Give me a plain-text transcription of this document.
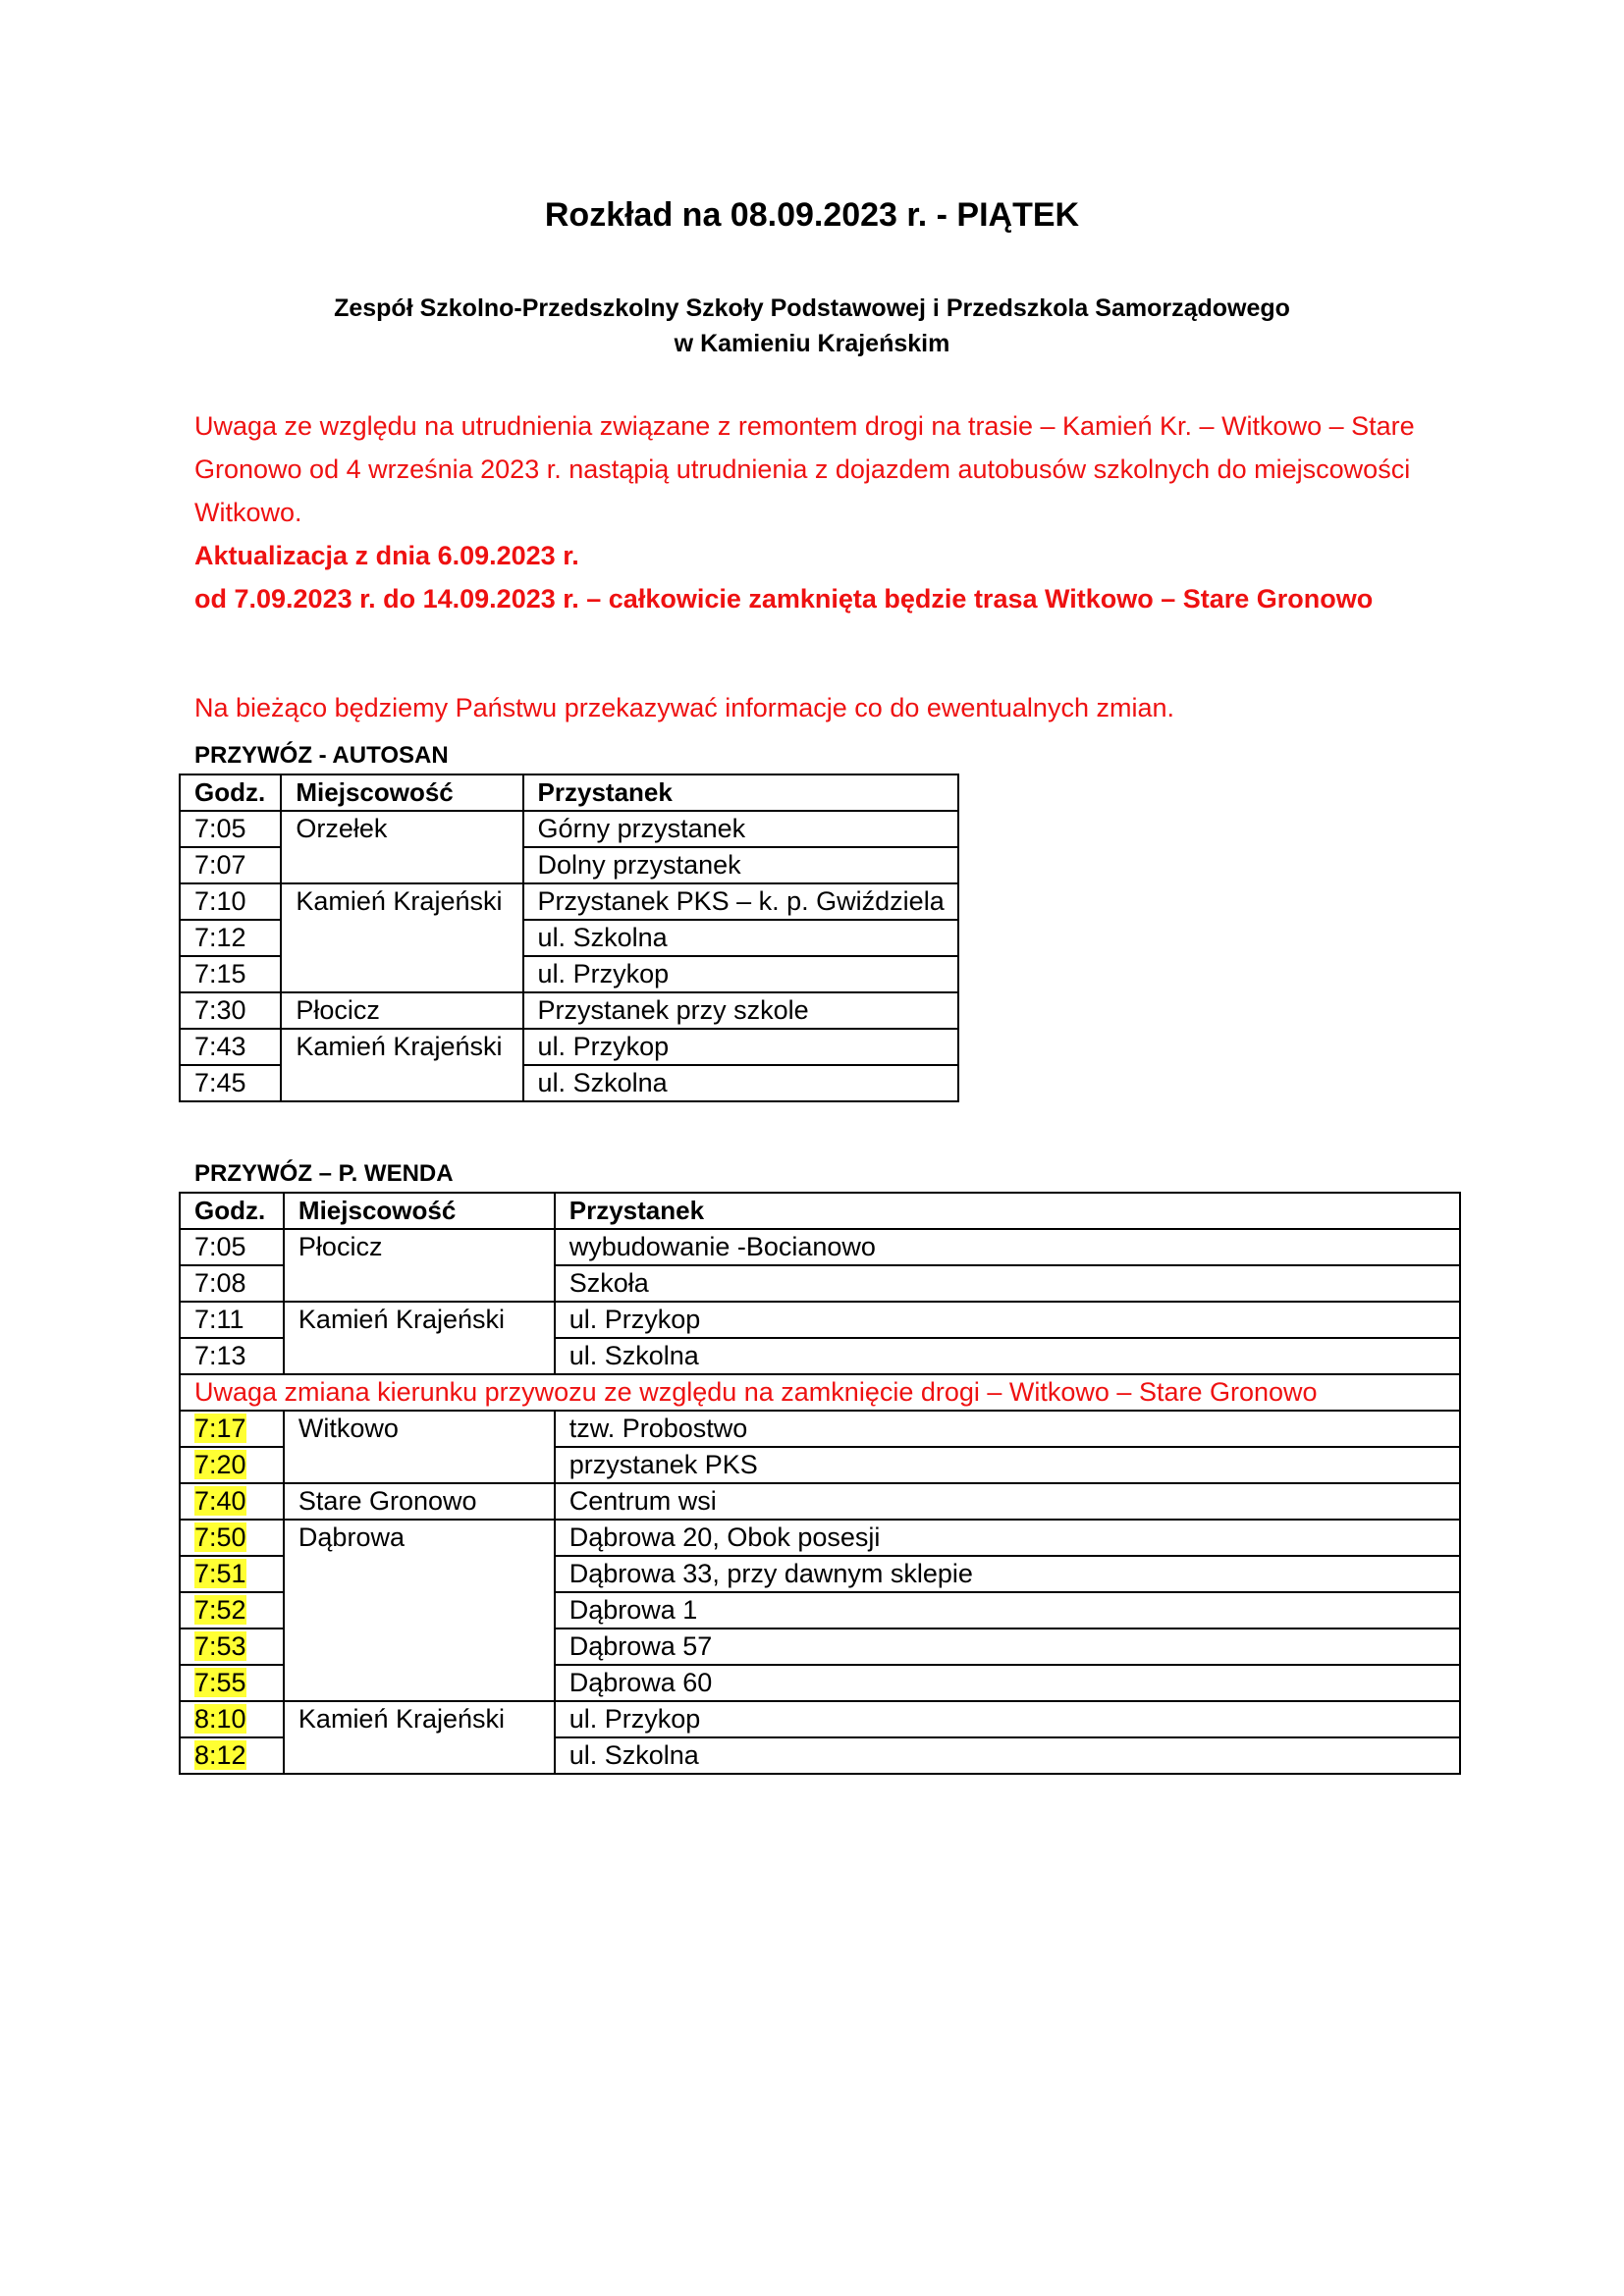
Rozkład na 08.09.2023 r. - PIĄTEK
Zespół Szkolno-Przedszkolny Szkoły Podstawowej i Przedszkola Samorządowego
w Kamieniu Krajeńskim

Uwaga ze względu na utrudnienia związane z remontem drogi na trasie – Kamień Kr. – Witkowo – Stare Gronowo od 4 września 2023 r. nastąpią utrudnienia z dojazdem autobusów szkolnych do miejscowości Witkowo.

Aktualizacja z dnia 6.09.2023 r.

od 7.09.2023 r. do 14.09.2023 r. – całkowicie zamknięta będzie trasa Witkowo – Stare Gronowo

Na bieżąco będziemy Państwu przekazywać informacje co do ewentualnych zmian.

PRZYWÓZ - AUTOSAN
Godz.	Miejscowość	Przystanek
7:05	Orzełek	Górny przystanek
7:07		Dolny przystanek
7:10	Kamień Krajeński	Przystanek PKS – k. p. Gwiździela
7:12		ul. Szkolna
7:15		ul. Przykop
7:30	Płocicz	Przystanek przy szkole
7:43	Kamień Krajeński	ul. Przykop
7:45		ul. Szkolna
PRZYWÓZ – P. WENDA
Godz.	Miejscowość	Przystanek
7:05	Płocicz	wybudowanie -Bocianowo
7:08		Szkoła
7:11	Kamień Krajeński	ul. Przykop
7:13		ul. Szkolna
Uwaga zmiana kierunku przywozu ze względu na zamknięcie drogi – Witkowo – Stare Gronowo		
7:17	Witkowo	tzw. Probostwo
7:20		przystanek PKS
7:40	Stare Gronowo	Centrum wsi
7:50	Dąbrowa	Dąbrowa 20, Obok posesji
7:51		Dąbrowa 33, przy dawnym sklepie
7:52		Dąbrowa 1
7:53		Dąbrowa 57
7:55		Dąbrowa 60
8:10	Kamień Krajeński	ul. Przykop
8:12		ul. Szkolna
